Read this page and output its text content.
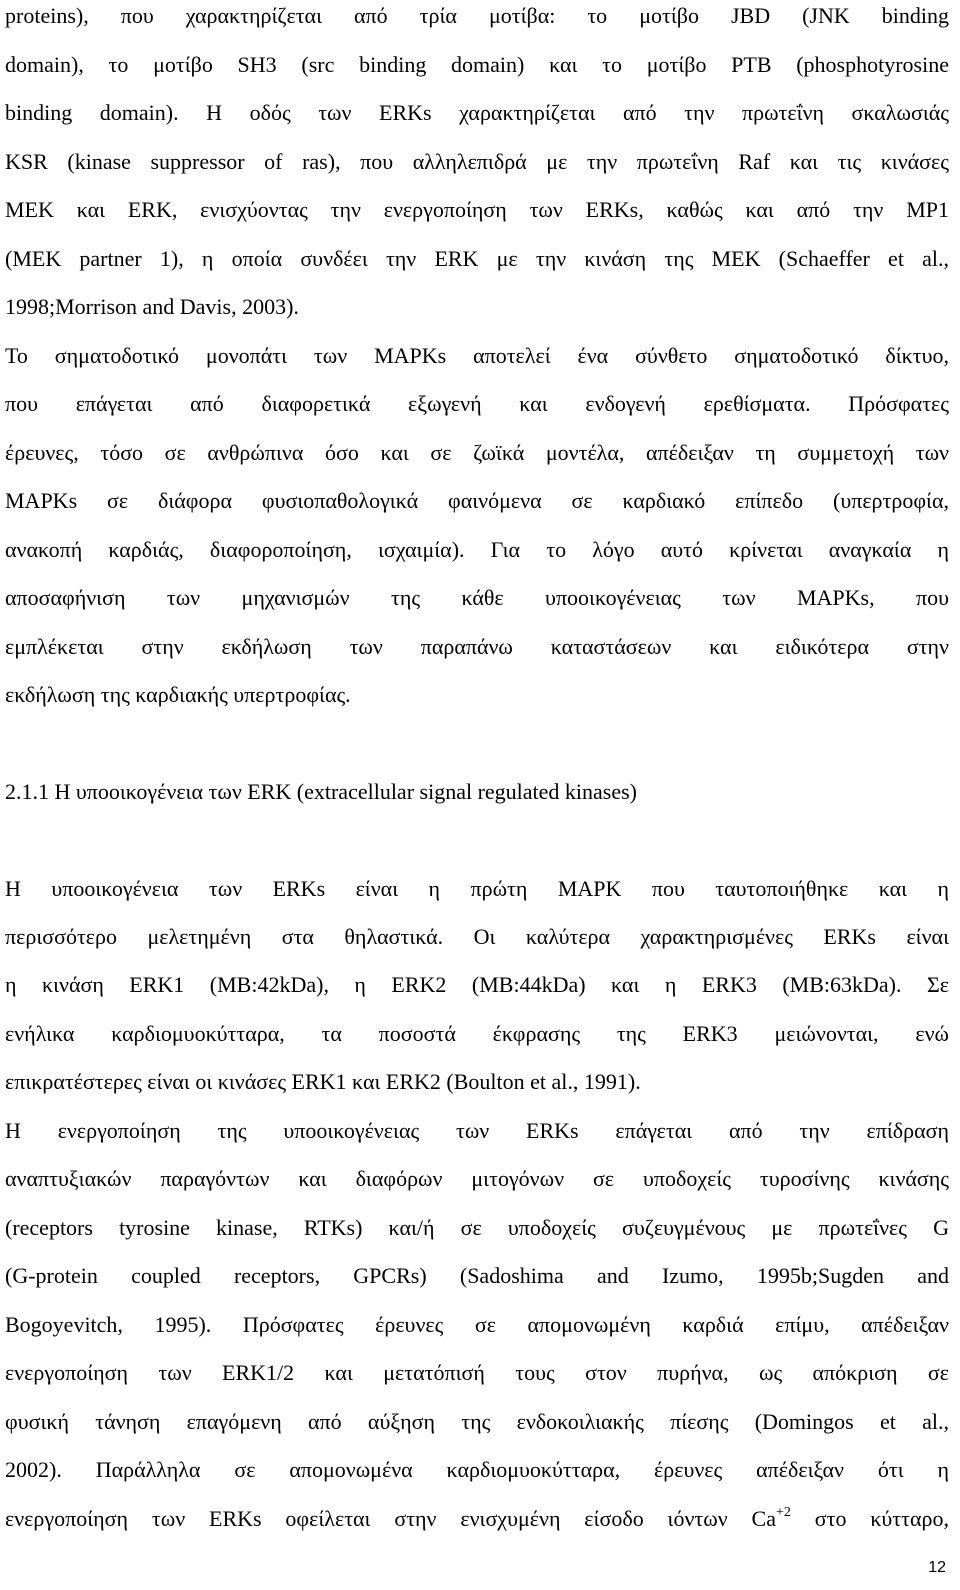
proteins), που χαρακτηρίζεται από τρία μοτίβα: το μοτίβο JBD (JNK binding
domain), το μοτίβο SH3 (src binding domain) και το μοτίβο PTB (phosphotyrosine
binding domain). Η οδός των ERKs χαρακτηρίζεται από την πρωτεΐνη σκαλωσιάς
KSR (kinase suppressor of ras), που αλληλεπιδρά με την πρωτεΐνη Raf και τις κινάσες
MEK και ERK, ενισχύοντας την ενεργοποίηση των ERKs, καθώς και από την MP1
(MEK partner 1), η οποία συνδέει την ERK με την κινάση της MEK (Schaeffer et al.,
1998;Morrison and Davis, 2003).
Το σηματοδοτικό μονοπάτι των MAPKs αποτελεί ένα σύνθετο σηματοδοτικό δίκτυο,
που επάγεται από διαφορετικά εξωγενή και ενδογενή ερεθίσματα. Πρόσφατες
έρευνες, τόσο σε ανθρώπινα όσο και σε ζωϊκά μοντέλα, απέδειξαν τη συμμετοχή των
MAPKs σε διάφορα φυσιοπαθολογικά φαινόμενα σε καρδιακό επίπεδο (υπερτροφία,
ανακοπή καρδιάς, διαφοροποίηση, ισχαιμία). Για το λόγο αυτό κρίνεται αναγκαία η
αποσαφήνιση των μηχανισμών της κάθε υποοικογένειας των MAPKs, που
εμπλέκεται στην εκδήλωση των παραπάνω καταστάσεων και ειδικότερα στην
εκδήλωση της καρδιακής υπερτροφίας.
2.1.1 Η υποοικογένεια των ERK (extracellular signal regulated kinases)
Η υποοικογένεια των ERKs είναι η πρώτη MAPK που ταυτοποιήθηκε και η
περισσότερο μελετημένη στα θηλαστικά. Οι καλύτερα χαρακτηρισμένες ERKs είναι
η κινάση ERK1 (MB:42kDa), η ERK2 (MB:44kDa) και η ERK3 (MB:63kDa). Σε
ενήλικα καρδιομυοκύτταρα, τα ποσοστά έκφρασης της ERK3 μειώνονται, ενώ
επικρατέστερες είναι οι κινάσες ERK1 και ERK2 (Boulton et al., 1991).
Η ενεργοποίηση της υποοικογένειας των ERKs επάγεται από την επίδραση
αναπτυξιακών παραγόντων και διαφόρων μιτογόνων σε υποδοχείς τυροσίνης κινάσης
(receptors tyrosine kinase, RTKs) και/ή σε υποδοχείς συζευγμένους με πρωτεΐνες G
(G-protein coupled receptors, GPCRs) (Sadoshima and Izumo, 1995b;Sugden and
Bogoyevitch, 1995). Πρόσφατες έρευνες σε απομονωμένη καρδιά επίμυ, απέδειξαν
ενεργοποίηση των ERK1/2 και μετατόπισή τους στον πυρήνα, ως απόκριση σε
φυσική τάνηση επαγόμενη από αύξηση της ενδοκοιλιακής πίεσης (Domingos et al.,
2002). Παράλληλα σε απομονωμένα καρδιομυοκύτταρα, έρευνες απέδειξαν ότι η
ενεργοποίηση των ERKs οφείλεται στην ενισχυμένη είσοδο ιόντων $Ca^{+2}$ στο κύτταρο,
12
